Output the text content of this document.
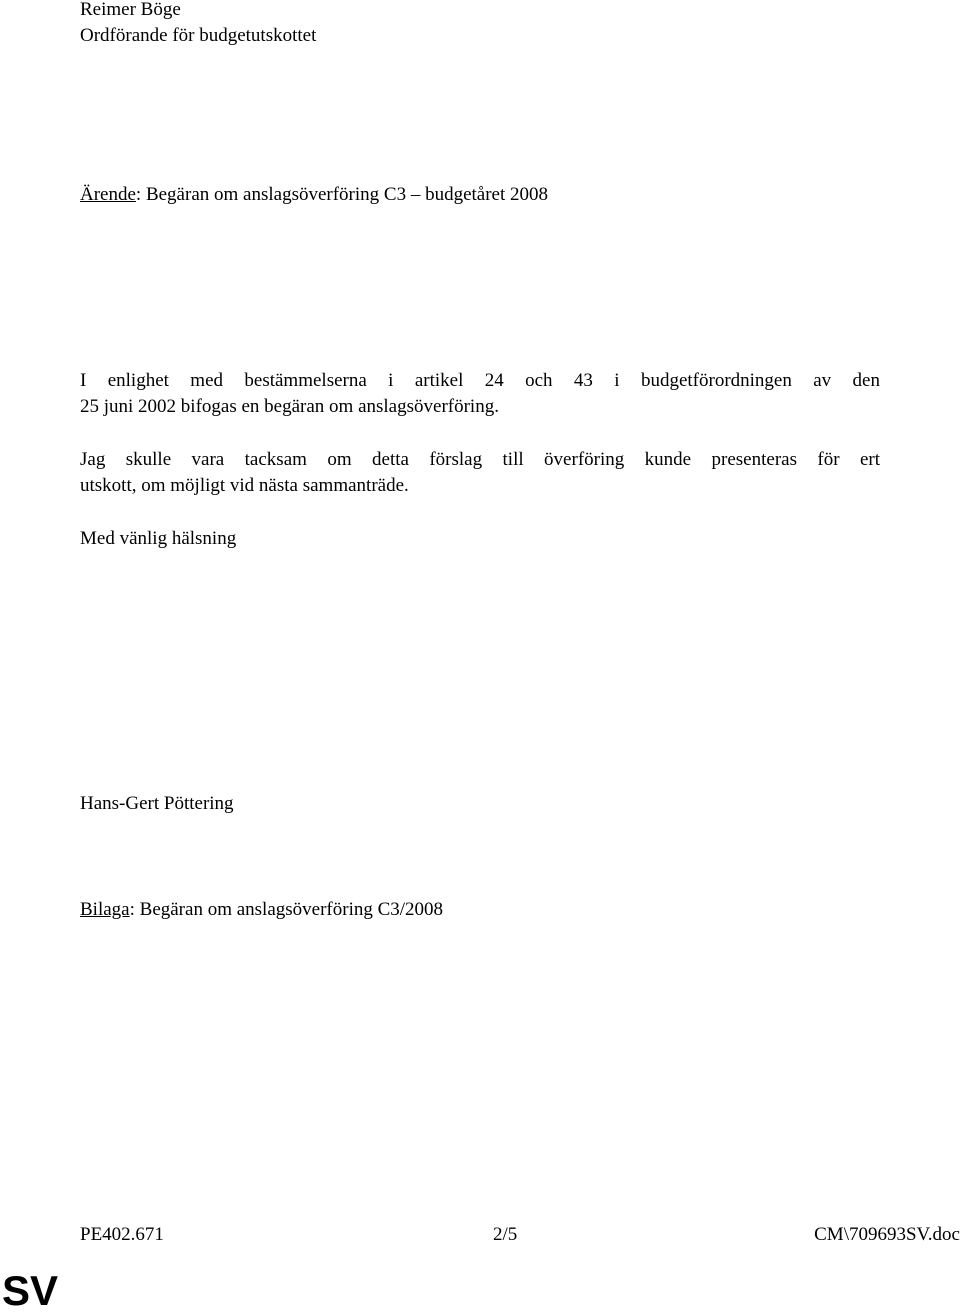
Reimer Böge
Ordförande för budgetutskottet
Ärende: Begäran om anslagsöverföring C3 – budgetåret 2008
I enlighet med bestämmelserna i artikel 24 och 43 i budgetförordningen av den
25 juni 2002 bifogas en begäran om anslagsöverföring.
Jag skulle vara tacksam om detta förslag till överföring kunde presenteras för ert
utskott, om möjligt vid nästa sammanträde.
Med vänlig hälsning
Hans-Gert Pöttering
Bilaga: Begäran om anslagsöverföring C3/2008
PE402.671	2/5	CM\709693SV.doc
SV
